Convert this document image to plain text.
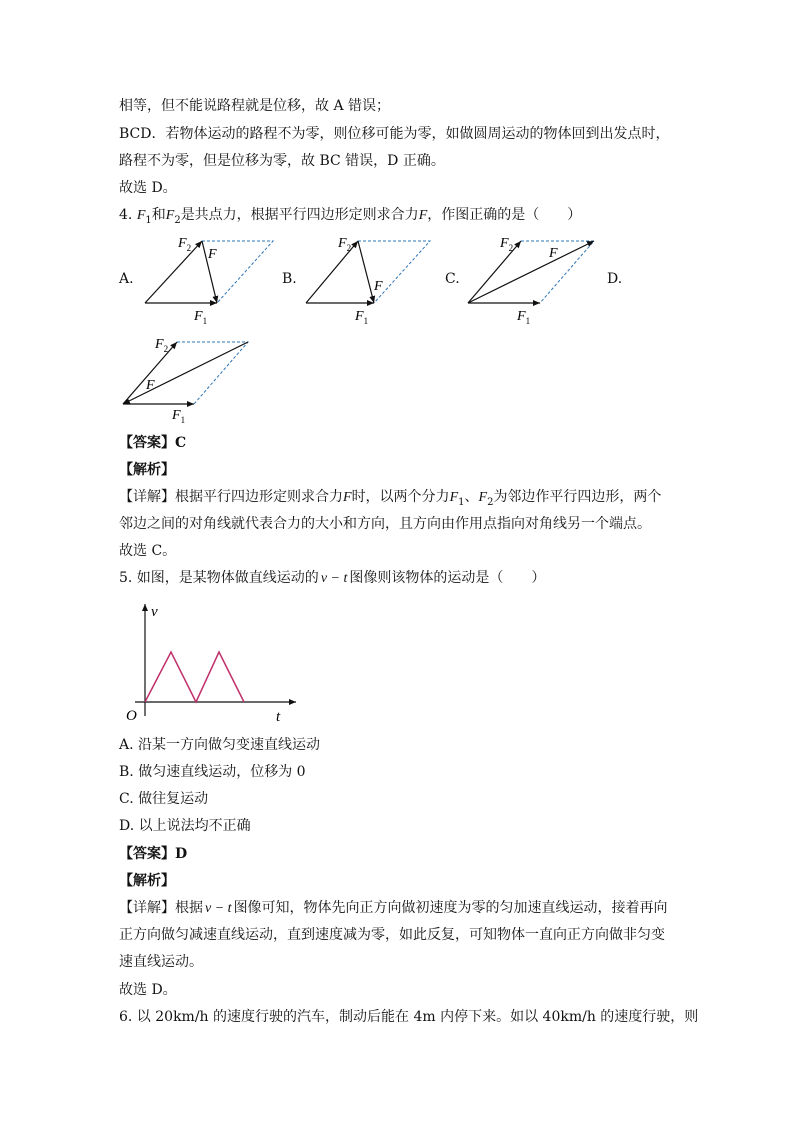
相等，但不能说路程就是位移，故 A 错误；
BCD．若物体运动的路程不为零，则位移可能为零，如做圆周运动的物体回到出发点时，
路程不为零，但是位移为零，故 BC 错误，D 正确。
故选 D。
4. $F_1$和$F_2$是共点力，根据平行四边形定则求合力F，作图正确的是（　　）
A.	B.	C.	D.
$F_2$ F
$F_1$
$F_2$
F
$F_1$
$F_2$	F
$F_1$
$F_2$
F
$F_1$
【答案】C
【解析】
【详解】根据平行四边形定则求合力F时，以两个分力$F_1$、$F_2$为邻边作平行四边形，两个
邻边之间的对角线就代表合力的大小和方向，且方向由作用点指向对角线另一个端点。
故选 C。
5. 如图，是某物体做直线运动的 v − t 图像则该物体的运动是（　　）
v
t
O
A. 沿某一方向做匀变速直线运动
B. 做匀速直线运动，位移为 0
C. 做往复运动
D. 以上说法均不正确
【答案】D
【解析】
【详解】根据 v − t 图像可知，物体先向正方向做初速度为零的匀加速直线运动，接着再向
正方向做匀减速直线运动，直到速度减为零，如此反复，可知物体一直向正方向做非匀变
速直线运动。
故选 D。
6. 以 20km/h 的速度行驶的汽车，制动后能在 4m 内停下来。如以 40km/h 的速度行驶，则
